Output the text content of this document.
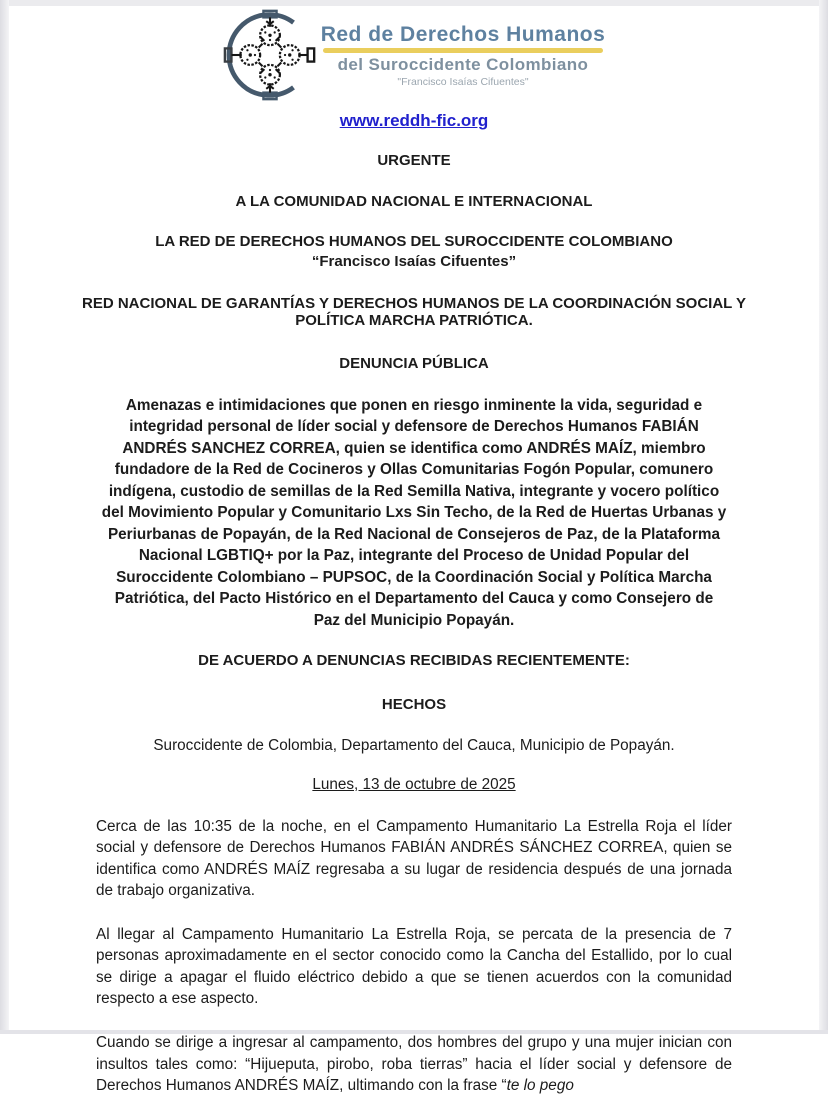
Red de Derechos Humanos
del Suroccidente Colombiano
"Francisco Isaías Cifuentes"
www.reddh-fic.org
URGENTE
A LA COMUNIDAD NACIONAL E INTERNACIONAL
LA RED DE DERECHOS HUMANOS DEL SUROCCIDENTE COLOMBIANO
“Francisco Isaías Cifuentes”
RED NACIONAL DE GARANTÍAS Y DERECHOS HUMANOS DE LA COORDINACIÓN SOCIAL Y POLÍTICA MARCHA PATRIÓTICA.
DENUNCIA PÚBLICA
Amenazas e intimidaciones que ponen en riesgo inminente la vida, seguridad e integridad personal de líder social y defensore de Derechos Humanos FABIÁN ANDRÉS SANCHEZ CORREA, quien se identifica como ANDRÉS MAÍZ, miembro fundadore de la Red de Cocineros y Ollas Comunitarias Fogón Popular, comunero indígena, custodio de semillas de la Red Semilla Nativa, integrante y vocero político del Movimiento Popular y Comunitario Lxs Sin Techo, de la Red de Huertas Urbanas y Periurbanas de Popayán, de la Red Nacional de Consejeros de Paz, de la Plataforma Nacional LGBTIQ+ por la Paz, integrante del Proceso de Unidad Popular del Suroccidente Colombiano – PUPSOC, de la Coordinación Social y Política Marcha Patriótica, del Pacto Histórico en el Departamento del Cauca y como Consejero de Paz del Municipio Popayán.
DE ACUERDO A DENUNCIAS RECIBIDAS RECIENTEMENTE:
HECHOS
Suroccidente de Colombia, Departamento del Cauca, Municipio de Popayán.
Lunes, 13 de octubre de 2025

Cerca de las 10:35 de la noche, en el Campamento Humanitario La Estrella Roja el líder social y defensore de Derechos Humanos FABIÁN ANDRÉS SÁNCHEZ CORREA, quien se identifica como ANDRÉS MAÍZ regresaba a su lugar de residencia después de una jornada de trabajo organizativa.

Al llegar al Campamento Humanitario La Estrella Roja, se percata de la presencia de 7 personas aproximadamente en el sector conocido como la Cancha del Estallido, por lo cual se dirige a apagar el fluido eléctrico debido a que se tienen acuerdos con la comunidad respecto a ese aspecto.

Cuando se dirige a ingresar al campamento, dos hombres del grupo y una mujer inician con insultos tales como: “Hijueputa, pirobo, roba tierras” hacia el líder social y defensore de Derechos Humanos ANDRÉS MAÍZ, ultimando con la frase “te lo pego
